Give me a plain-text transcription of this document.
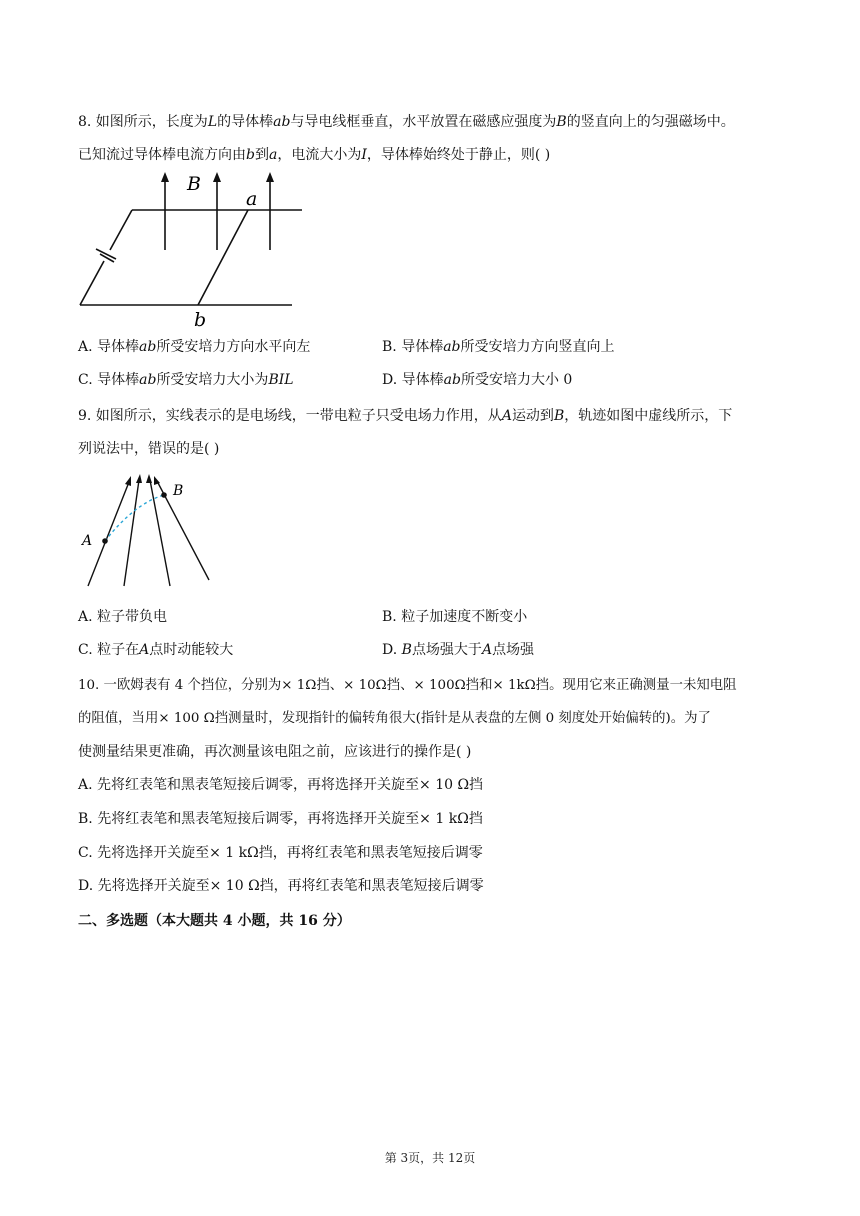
8. 如图所示，长度为L的导体棒ab与导电线框垂直，水平放置在磁感应强度为B的竖直向上的匀强磁场中。
已知流过导体棒电流方向由b到a，电流大小为I，导体棒始终处于静止，则( )
B
a
b
A. 导体棒ab所受安培力方向水平向左	B. 导体棒ab所受安培力方向竖直向上
C. 导体棒ab所受安培力大小为BIL	D. 导体棒ab所受安培力大小 0
9. 如图所示，实线表示的是电场线，一带电粒子只受电场力作用，从A运动到B，轨迹如图中虚线所示，下
列说法中，错误的是( )
A
B
A. 粒子带负电	B. 粒子加速度不断变小
C. 粒子在A点时动能较大	D. B点场强大于A点场强
10. 一欧姆表有 4 个挡位，分别为× 1Ω挡、× 10Ω挡、× 100Ω挡和× 1kΩ挡。现用它来正确测量一未知电阻
的阻值，当用× 100 Ω挡测量时，发现指针的偏转角很大(指针是从表盘的左侧 0 刻度处开始偏转的)。为了
使测量结果更准确，再次测量该电阻之前，应该进行的操作是( )
A. 先将红表笔和黑表笔短接后调零，再将选择开关旋至× 10 Ω挡
B. 先将红表笔和黑表笔短接后调零，再将选择开关旋至× 1 kΩ挡
C. 先将选择开关旋至× 1 kΩ挡，再将红表笔和黑表笔短接后调零
D. 先将选择开关旋至× 10 Ω挡，再将红表笔和黑表笔短接后调零
二、多选题（本大题共 4 小题，共 16 分）
第 3页，共 12页
